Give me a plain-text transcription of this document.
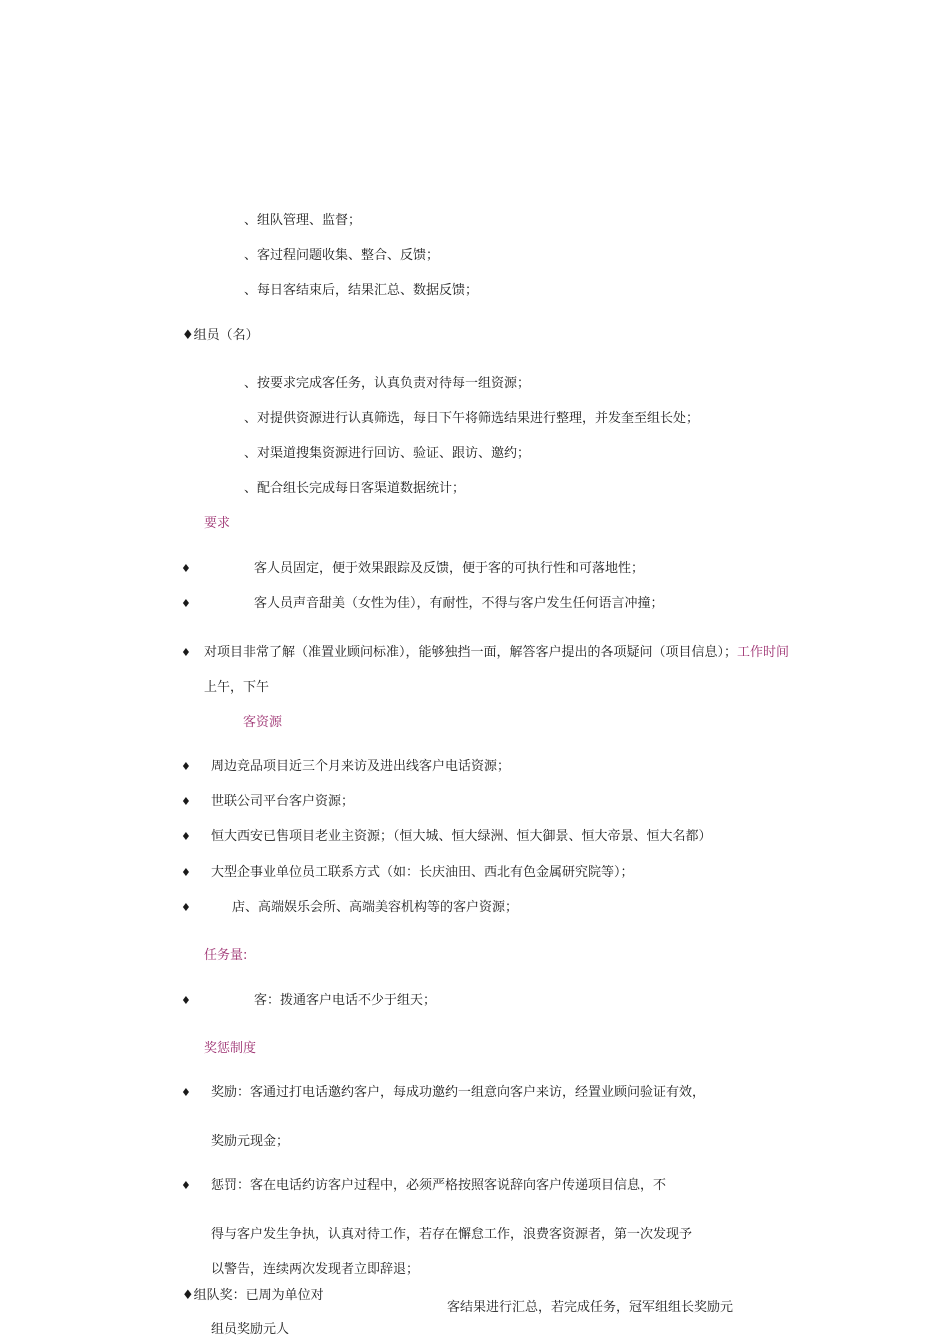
、组队管理、监督；
、客过程问题收集、整合、反馈；
、每日客结束后，结果汇总、数据反馈；
♦组员（名）
、按要求完成客任务，认真负责对待每一组资源；
、对提供资源进行认真筛选，每日下午将筛选结果进行整理，并发奎至组长处；
、对渠道搜集资源进行回访、验证、跟访、邀约；
、配合组长完成每日客渠道数据统计；
要求
♦	客人员固定，便于效果跟踪及反馈，便于客的可执行性和可落地性；
♦	客人员声音甜美（女性为佳），有耐性，不得与客户发生任何语言冲撞；
♦ 对项目非常了解（准置业顾问标准），能够独挡一面，解答客户提出的各项疑问（项目信息）；工作时间
上午，下午
客资源
♦ 周边竞品项目近三个月来访及进出线客户电话资源；
♦ 世联公司平台客户资源；
♦ 恒大西安已售项目老业主资源；（恒大城、恒大绿洲、恒大御景、恒大帝景、恒大名都）
♦ 大型企事业单位员工联系方式（如：长庆油田、西北有色金属研究院等）；
♦	店、高端娱乐会所、高端美容机构等的客户资源；
任务量:
♦	客：拨通客户电话不少于组天；
奖惩制度
♦ 奖励：客通过打电话邀约客户，每成功邀约一组意向客户来访，经置业顾问验证有效，
奖励元现金；
♦ 惩罚：客在电话约访客户过程中，必须严格按照客说辞向客户传递项目信息，不
得与客户发生争执，认真对待工作，若存在懈怠工作，浪费客资源者，第一次发现予
以警告，连续两次发现者立即辞退；
♦组队奖：已周为单位对
客结果进行汇总，若完成任务，冠军组组长奖励元
组员奖励元人
